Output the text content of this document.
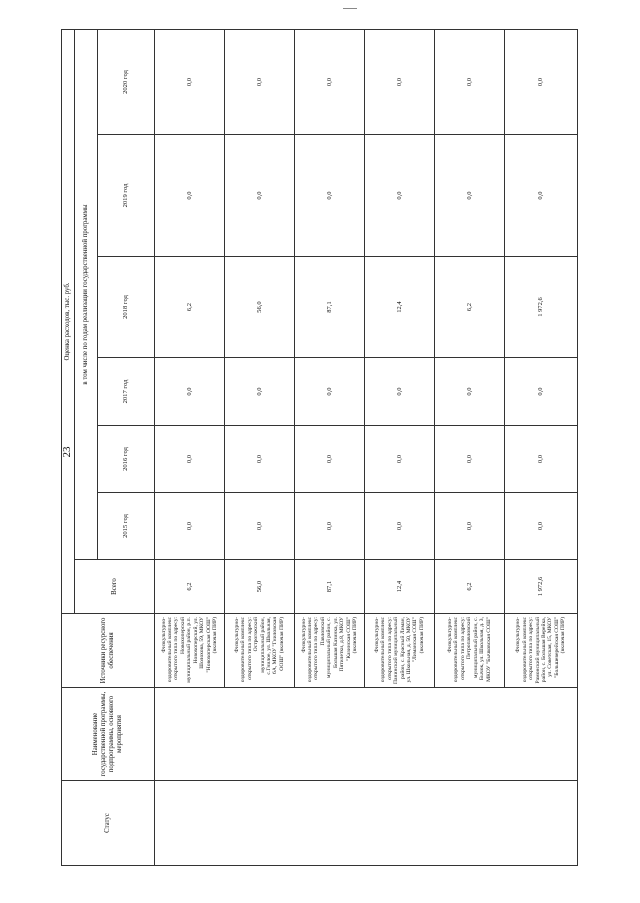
23
Статус	Наименование государственной программы, подпрограммы, основного мероприятия	Источники ресурсного обеспечения	Оценка расходов, тыс. руб.						
			Всего	в том числе по годам реализации государственной программы					
				2015 год	2016 год	2017 год	2018 год	2019 год	2020 год
		Физкультурно-оздоровительный комплекс открытого типа по адресу: Новохоперский муниципальный район, р.п. Новохоперский, ул. Шолохова, 59, МКОУ "Новохоперская ООШ" (включая ПИР)	6,2	0,0	0,0	0,0	6,2	0,0	0,0
		Физкультурно-оздоровительный комплекс открытого типа по адресу: Острогожский муниципальный район, с.Гнилое, ул. Школьная, 6А, МКОУ "Гниловская ООШ" (включая ПИР)	56,0	0,0	0,0	0,0	56,0	0,0	0,0
		Физкультурно-оздоровительный комплекс открытого типа по адресу: Павловский муниципальный район, с. Большая Казинка, ул. Пятилетки, д.8, МКОУ "Казинская СОШ" (включая ПИР)	87,1	0,0	0,0	0,0	87,1	0,0	0,0
		Физкультурно-оздоровительный комплекс открытого типа по адресу: Панинский муниципальный район, с. Красный Лиман, ул. Школьная, д. 50, МКОУ "Лиманская СОШ" (включая ПИР)	12,4	0,0	0,0	0,0	12,4	0,0	0,0
		Физкультурно-оздоровительный комплекс открытого типа по адресу: Петропавловский муниципальный район, с. Бычок, ул. Школьная, д. 3, МКОУ "Бычковская СОШ"	6,2	0,0	0,0	0,0	6,2	0,0	0,0
		Физкультурно-оздоровительный комплекс открытого типа по адресу: Рамонский муниципальный район, с. Большая Верейка, ул. Советская, 15, МКОУ "Большеверейская СОШ" (включая ПИР)	1 972,6	0,0	0,0	0,0	1 972,6	0,0	0,0
